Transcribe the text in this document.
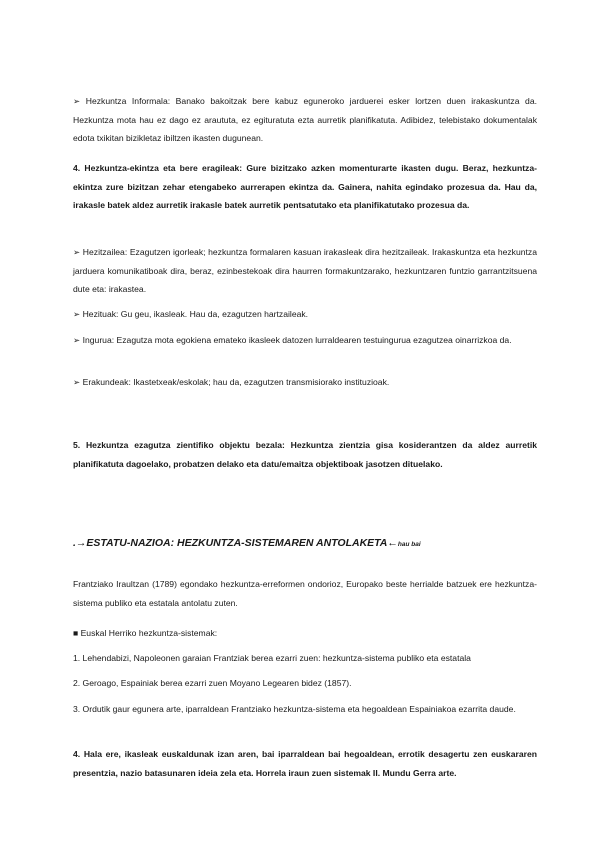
➢ Hezkuntza Informala: Banako bakoitzak bere kabuz eguneroko jarduerei esker lortzen duen irakaskuntza da. Hezkuntza mota hau ez dago ez araututa, ez egituratuta ezta aurretik planifikatuta. Adibidez, telebistako dokumentalak edota txikitan bizikletaz ibiltzen ikasten dugunean.

4. Hezkuntza-ekintza eta bere eragileak: Gure bizitzako azken momenturarte ikasten dugu. Beraz, hezkuntza-ekintza zure bizitzan zehar etengabeko aurrerapen ekintza da. Gainera, nahita egindako prozesua da. Hau da, irakasle batek aldez aurretik irakasle batek aurretik pentsatutako eta planifikatutako prozesua da.

➢ Hezitzailea: Ezagutzen igorleak; hezkuntza formalaren kasuan irakasleak dira hezitzaileak. Irakaskuntza eta hezkuntza jarduera komunikatiboak dira, beraz, ezinbestekoak dira haurren formakuntzarako, hezkuntzaren funtzio garrantzitsuena dute eta: irakastea.

➢ Hezituak: Gu geu, ikasleak. Hau da, ezagutzen hartzaileak.

➢ Ingurua: Ezagutza mota egokiena emateko ikasleek datozen lurraldearen testuingurua ezagutzea oinarrizkoa da.

➢ Erakundeak: Ikastetxeak/eskolak; hau da, ezagutzen transmisiorako instituzioak.

5. Hezkuntza ezagutza zientifiko objektu bezala: Hezkuntza zientzia gisa kosiderantzen da aldez aurretik planifikatuta dagoelako, probatzen delako eta datu/emaitza objektiboak jasotzen dituelako.

.→ESTATU-NAZIOA: HEZKUNTZA-SISTEMAREN ANTOLAKETA←hau bai

Frantziako Iraultzan (1789) egondako hezkuntza-erreformen ondorioz, Europako beste herrialde batzuek ere hezkuntza-sistema publiko eta estatala antolatu zuten.

■ Euskal Herriko hezkuntza-sistemak:

1. Lehendabizi, Napoleonen garaian Frantziak berea ezarri zuen: hezkuntza-sistema publiko eta estatala

2. Geroago, Espainiak berea ezarri zuen Moyano Legearen bidez (1857).

3. Ordutik gaur egunera arte, iparraldean Frantziako hezkuntza-sistema eta hegoaldean Espainiakoa ezarrita daude.

4. Hala ere, ikasleak euskaldunak izan aren, bai iparraldean bai hegoaldean, errotik desagertu zen euskararen presentzia, nazio batasunaren ideia zela eta. Horrela iraun zuen sistemak II. Mundu Gerra arte.
